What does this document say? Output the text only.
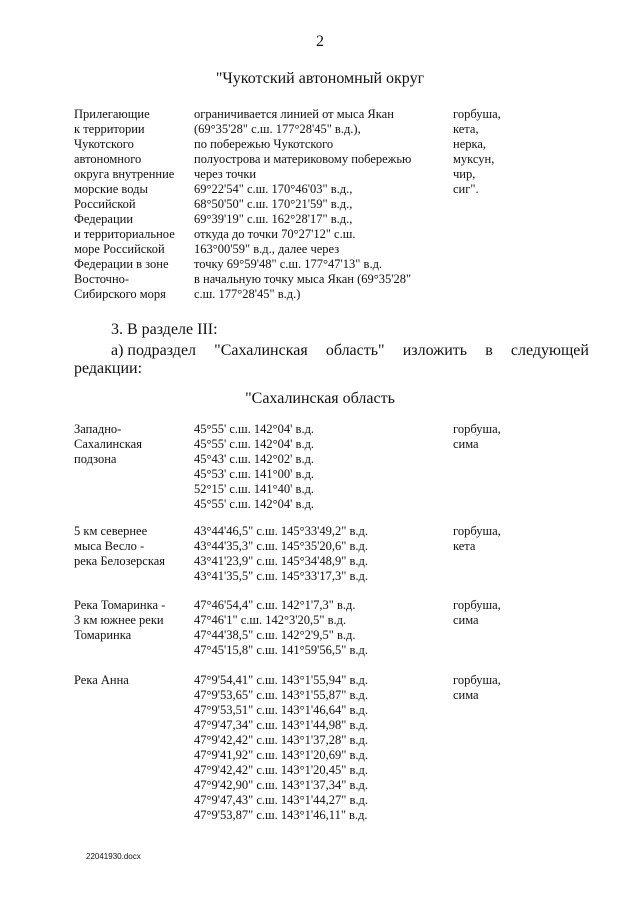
2
"Чукотский автономный округ
Прилегающие
к территории
Чукотского
автономного
округа внутренние
морские воды
Российской
Федерации
и территориальное
море Российской
Федерации в зоне
Восточно-
Сибирского моря
ограничивается линией от мыса Якан
(69°35'28" с.ш. 177°28'45" в.д.),
по побережью Чукотского
полуострова и материковому побережью
через точки
69°22'54" с.ш. 170°46'03" в.д.,
68°50'50" с.ш. 170°21'59" в.д.,
69°39'19" с.ш. 162°28'17" в.д.,
откуда до точки 70°27'12" с.ш.
163°00'59" в.д., далее через
точку 69°59'48" с.ш. 177°47'13" в.д.
в начальную точку мыса Якан (69°35'28"
с.ш. 177°28'45" в.д.)
горбуша,
кета,
нерка,
муксун,
чир,
сиг".
3. В разделе III:
а) подраздел "Сахалинская область" изложить в следующей
редакции:
"Сахалинская область
Западно-
Сахалинская
подзона
45°55' с.ш. 142°04' в.д.
45°55' с.ш. 142°04' в.д.
45°43' с.ш. 142°02' в.д.
45°53' с.ш. 141°00' в.д.
52°15' с.ш. 141°40' в.д.
45°55' с.ш. 142°04' в.д.
горбуша,
сима
5 км севернее
мыса Весло -
река Белозерская
43°44'46,5" с.ш. 145°33'49,2" в.д.
43°44'35,3" с.ш. 145°35'20,6" в.д.
43°41'23,9" с.ш. 145°34'48,9" в.д.
43°41'35,5" с.ш. 145°33'17,3" в.д.
горбуша,
кета
Река Томаринка -
3 км южнее реки
Томаринка
47°46'54,4" с.ш. 142°1'7,3" в.д.
47°46'1" с.ш. 142°3'20,5" в.д.
47°44'38,5" с.ш. 142°2'9,5" в.д.
47°45'15,8" с.ш. 141°59'56,5" в.д.
горбуша,
сима
Река Анна	47°9'54,41" с.ш. 143°1'55,94" в.д.
47°9'53,65" с.ш. 143°1'55,87" в.д.
47°9'53,51" с.ш. 143°1'46,64" в.д.
47°9'47,34" с.ш. 143°1'44,98" в.д.
47°9'42,42" с.ш. 143°1'37,28" в.д.
47°9'41,92" с.ш. 143°1'20,69" в.д.
47°9'42,42" с.ш. 143°1'20,45" в.д.
47°9'42,90" с.ш. 143°1'37,34" в.д.
47°9'47,43" с.ш. 143°1'44,27" в.д.
47°9'53,87" с.ш. 143°1'46,11" в.д.
горбуша,
сима
22041930.docx
